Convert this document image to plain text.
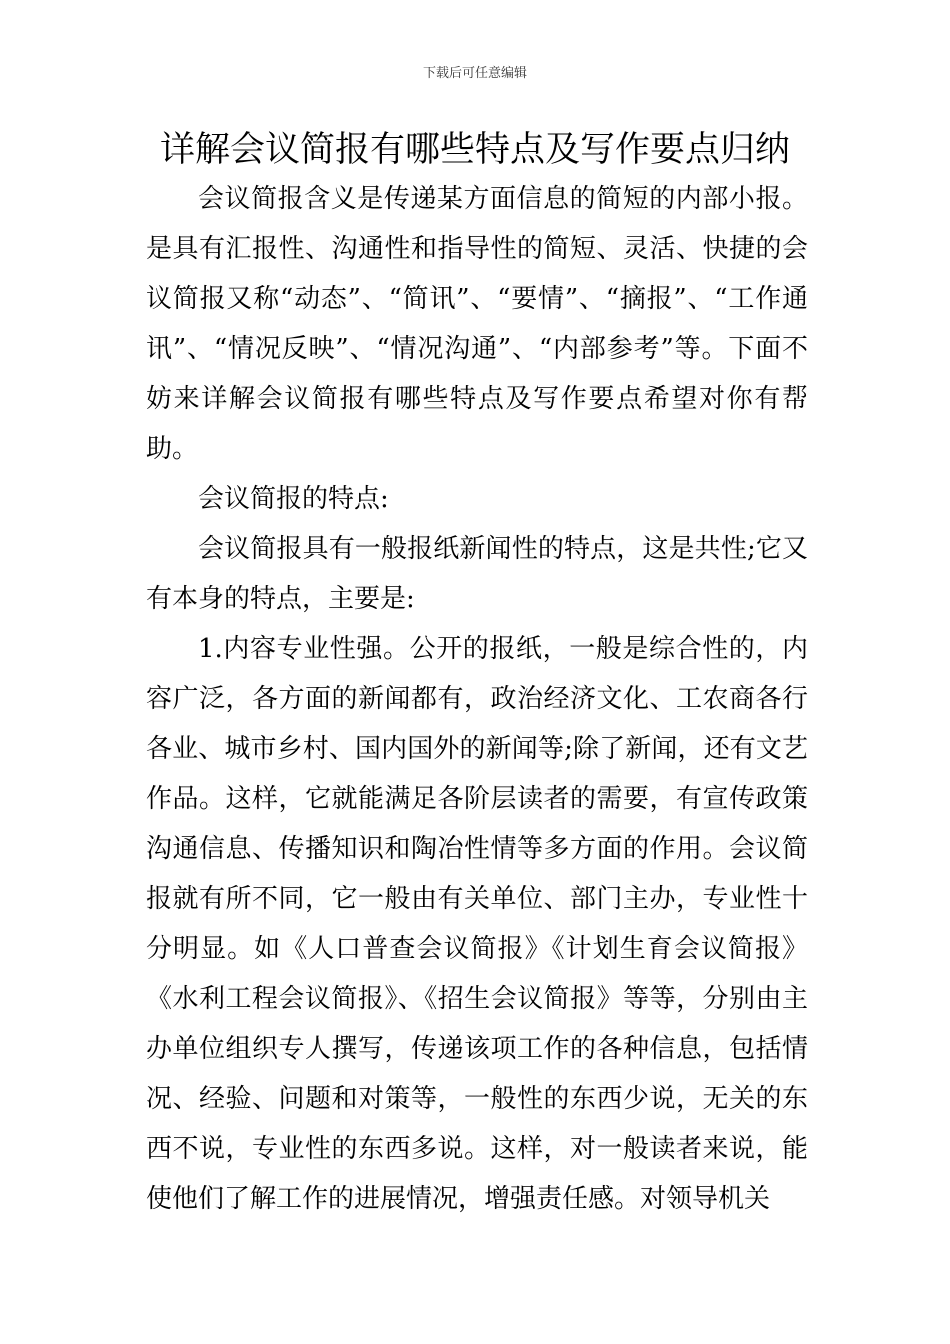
下载后可任意编辑
详解会议简报有哪些特点及写作要点归纳

会议简报含义是传递某方面信息的简短的内部小报。是具有汇报性、沟通性和指导性的简短、灵活、快捷的会议简报又称“动态”、“简讯”、“要情”、“摘报”、“工作通讯”、“情况反映”、“情况沟通”、“内部参考”等。下面不妨来详解会议简报有哪些特点及写作要点希望对你有帮助。

会议简报的特点:

会议简报具有一般报纸新闻性的特点，这是共性;它又有本身的特点，主要是:

1.内容专业性强。公开的报纸，一般是综合性的，内容广泛，各方面的新闻都有，政治经济文化、工农商各行各业、城市乡村、国内国外的新闻等;除了新闻，还有文艺作品。这样，它就能满足各阶层读者的需要，有宣传政策沟通信息、传播知识和陶冶性情等多方面的作用。会议简报就有所不同，它一般由有关单位、部门主办，专业性十分明显。如《人口普查会议简报》《计划生育会议简报》《水利工程会议简报》、《招生会议简报》等等，分别由主办单位组织专人撰写，传递该项工作的各种信息，包括情况、经验、问题和对策等，一般性的东西少说，无关的东西不说，专业性的东西多说。这样，对一般读者来说，能使他们了解工作的进展情况，增强责任感。对领导机关
